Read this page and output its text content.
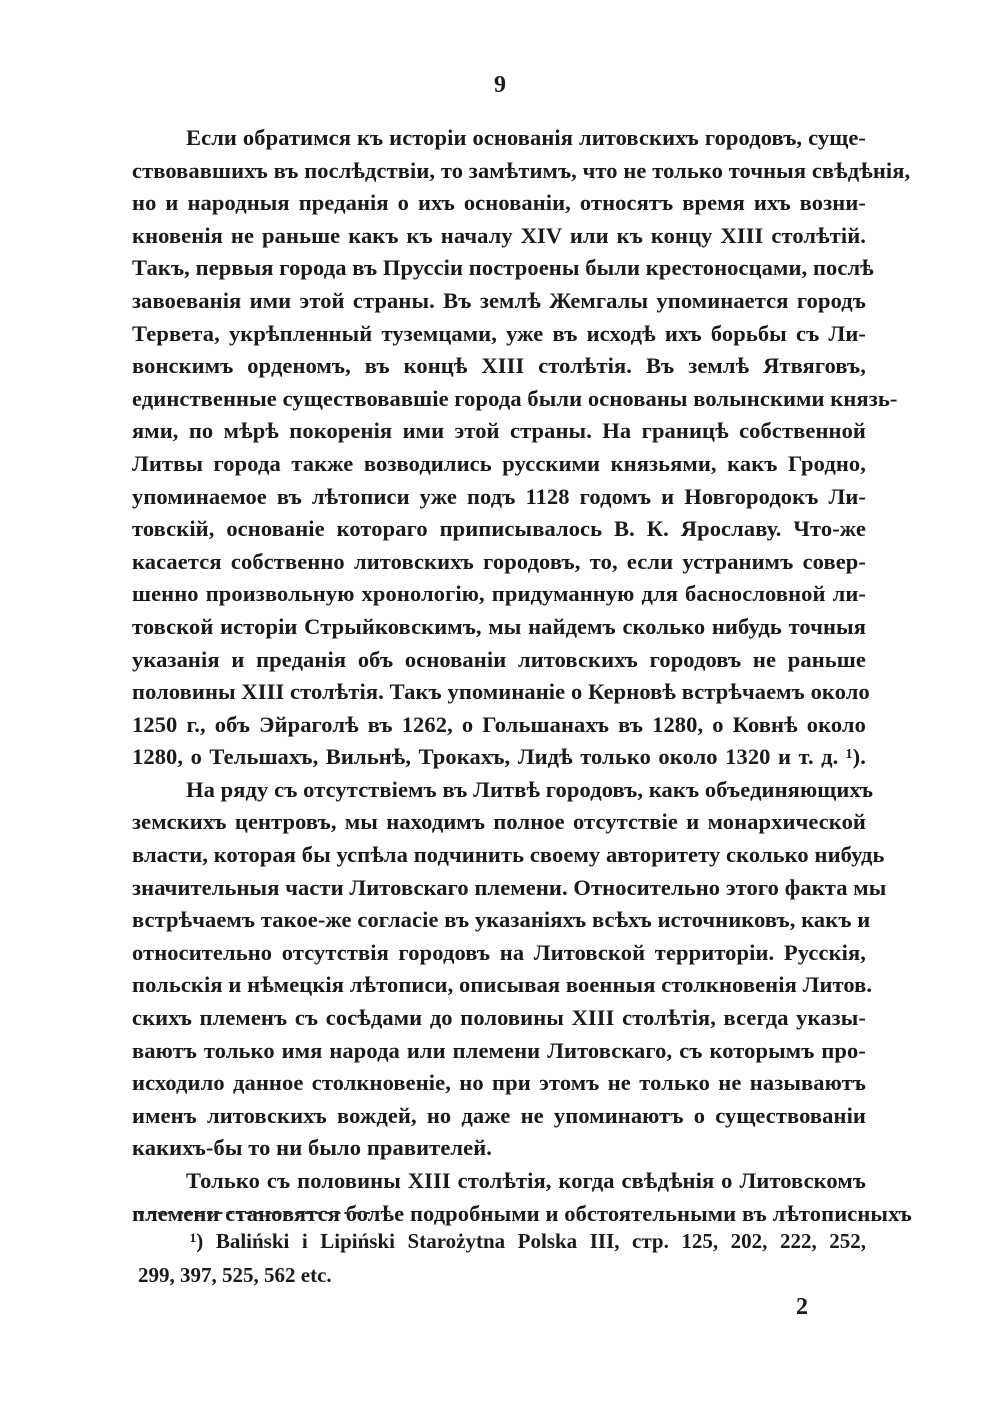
9
Если обратимся къ исторіи основанія литовскихъ городовъ, суще-
ствовавшихъ въ послѣдствіи, то замѣтимъ, что не только точныя свѣдѣнія,
но и народныя преданія о ихъ основаніи, относятъ время ихъ возни-
кновенія не раньше какъ къ началу XIV или къ концу XIII столѣтій.
Такъ, первыя города въ Пруссіи построены были крестоносцами, послѣ
завоеванія ими этой страны. Въ землѣ Жемгалы упоминается городъ
Тервета, укрѣпленный туземцами, уже въ исходѣ ихъ борьбы съ Ли-
вонскимъ орденомъ, въ концѣ XIII столѣтія. Въ землѣ Ятвяговъ,
единственные существовавшіе города были основаны волынскими князь-
ями, по мѣрѣ покоренія ими этой страны. На границѣ собственной
Литвы города также возводились русскими князьями, какъ Гродно,
упоминаемое въ лѣтописи уже подъ 1128 годомъ и Новгородокъ Ли-
товскій, основаніе котораго приписывалось В. К. Ярославу. Что-же
касается собственно литовскихъ городовъ, то, если устранимъ совер-
шенно произвольную хронологію, придуманную для баснословной ли-
товской исторіи Стрыйковскимъ, мы найдемъ сколько нибудь точныя
указанія и преданія объ основаніи литовскихъ городовъ не раньше
половины XIII столѣтія. Такъ упоминаніе о Керновѣ встрѣчаемъ около
1250 г., объ Эйраголѣ въ 1262, о Гольшанахъ въ 1280, о Ковнѣ около
1280, о Тельшахъ, Вильнѣ, Трокахъ, Лидѣ только около 1320 и т. д. ¹).
На ряду съ отсутствіемъ въ Литвѣ городовъ, какъ объединяющихъ
земскихъ центровъ, мы находимъ полное отсутствіе и монархической
власти, которая бы успѣла подчинить своему авторитету сколько нибудь
значительныя части Литовскаго племени. Относительно этого факта мы
встрѣчаемъ такое-же согласіе въ указаніяхъ всѣхъ источниковъ, какъ и
относительно отсутствія городовъ на Литовской территоріи. Русскія,
польскія и нѣмецкія лѣтописи, описывая военныя столкновенія Литов.
скихъ племенъ съ сосѣдами до половины XIII столѣтія, всегда указы-
ваютъ только имя народа или племени Литовскаго, съ которымъ про-
исходило данное столкновеніе, но при этомъ не только не называютъ
именъ литовскихъ вождей, но даже не упоминаютъ о существованіи
какихъ-бы то ни было правителей.
Только съ половины XIII столѣтія, когда свѣдѣнія о Литовскомъ
племени становятся болѣе подробными и обстоятельными въ лѣтописныхъ
¹) Baliński i Lipiński Starożytna Polska III, стр. 125, 202, 222, 252,
299, 397, 525, 562 etc.
2
